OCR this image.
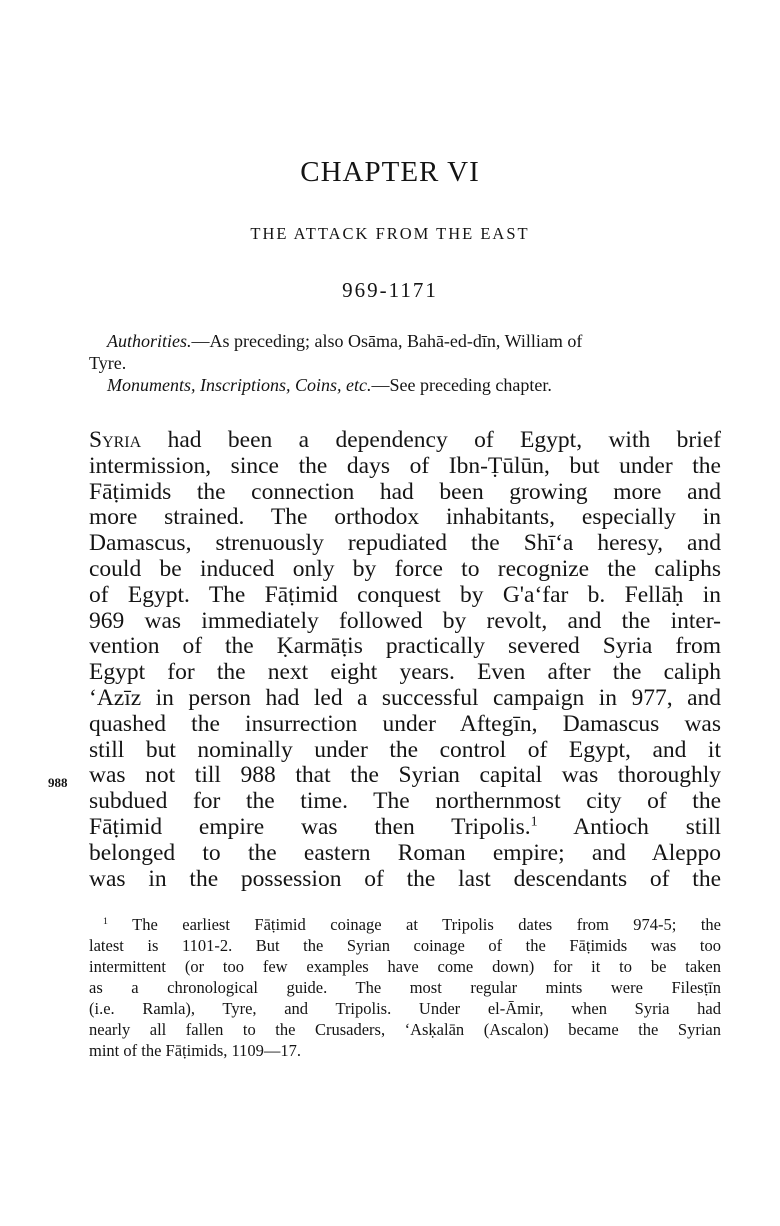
CHAPTER VI
THE ATTACK FROM THE EAST
969-1171

Authorities.—As preceding; also Osāma, Bahā-ed-dīn, William of

Tyre.

Monuments, Inscriptions, Coins, etc.—See preceding chapter.

Syria had been a dependency of Egypt, with brief
intermission, since the days of Ibn-Ṭūlūn, but under the
Fāṭimids the connection had been growing more and
more strained. The orthodox inhabitants, especially in
Damascus, strenuously repudiated the Shī‘a heresy, and
could be induced only by force to recognize the caliphs
of Egypt. The Fāṭimid conquest by G'a‘far b. Fellāḥ in
969 was immediately followed by revolt, and the inter-
vention of the Ḳarmāṭis practically severed Syria from
Egypt for the next eight years. Even after the caliph
‘Azīz in person had led a successful campaign in 977, and
quashed the insurrection under Aftegīn, Damascus was
still but nominally under the control of Egypt, and it
was not till 988 that the Syrian capital was thoroughly
subdued for the time. The northernmost city of the
Fāṭimid empire was then Tripolis.$^1$ Antioch still
belonged to the eastern Roman empire; and Aleppo
was in the possession of the last descendants of the
988
$^1$ The earliest Fāṭimid coinage at Tripolis dates from 974-5; the
latest is 1101-2. But the Syrian coinage of the Fāṭimids was too
intermittent (or too few examples have come down) for it to be taken
as a chronological guide. The most regular mints were Filesṭīn
(i.e. Ramla), Tyre, and Tripolis. Under el-Āmir, when Syria had
nearly all fallen to the Crusaders, ‘Asḳalān (Ascalon) became the Syrian
mint of the Fāṭimids, 1109—17.
